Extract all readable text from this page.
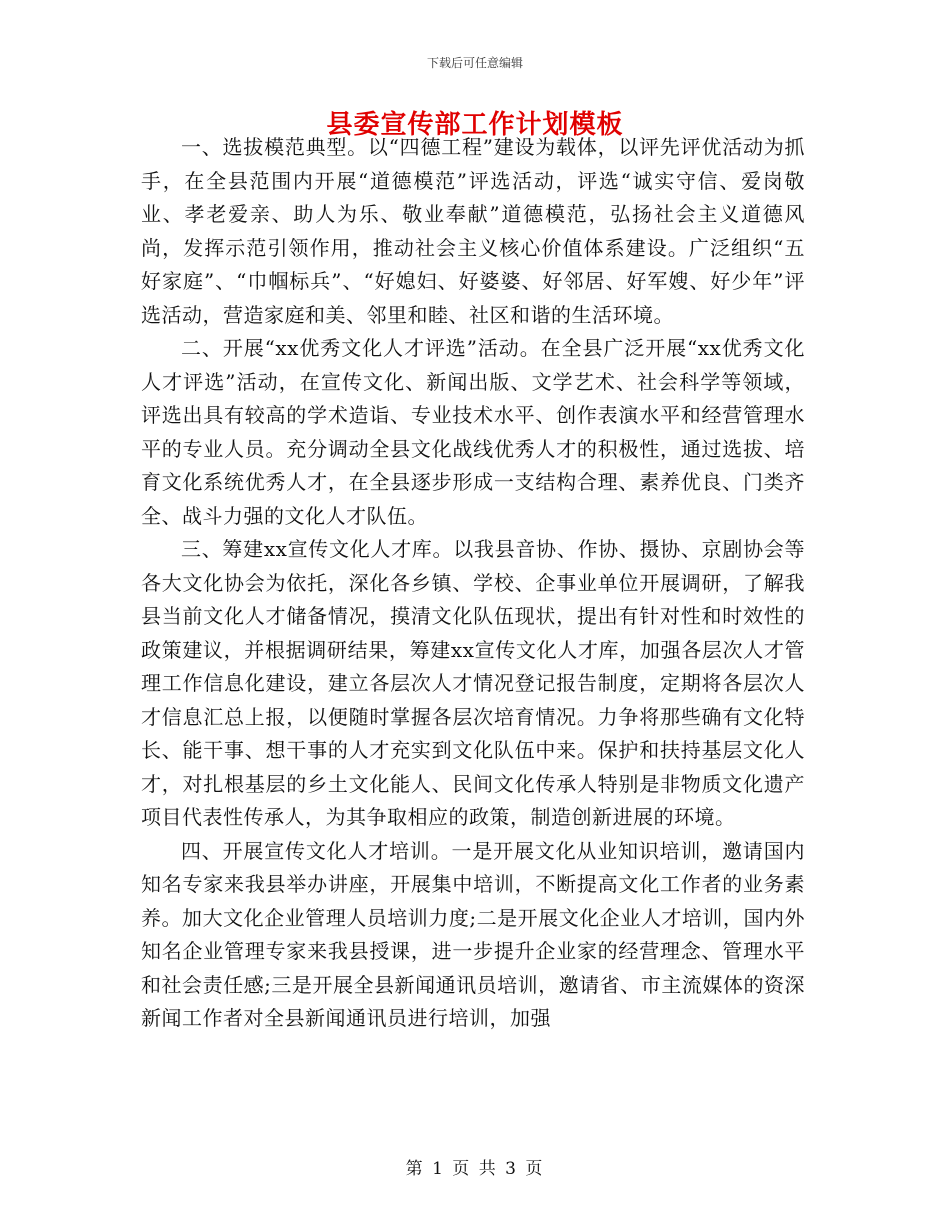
下载后可任意编辑
县委宣传部工作计划模板

一、选拔模范典型。以“四德工程”建设为载体，以评先评优活动为抓手，在全县范围内开展“道德模范”评选活动，评选“诚实守信、爱岗敬业、孝老爱亲、助人为乐、敬业奉献”道德模范，弘扬社会主义道德风尚，发挥示范引领作用，推动社会主义核心价值体系建设。广泛组织“五好家庭”、“巾帼标兵”、“好媳妇、好婆婆、好邻居、好军嫂、好少年”评选活动，营造家庭和美、邻里和睦、社区和谐的生活环境。

二、开展“xx优秀文化人才评选”活动。在全县广泛开展“xx优秀文化人才评选”活动，在宣传文化、新闻出版、文学艺术、社会科学等领域，评选出具有较高的学术造诣、专业技术水平、创作表演水平和经营管理水平的专业人员。充分调动全县文化战线优秀人才的积极性，通过选拔、培育文化系统优秀人才，在全县逐步形成一支结构合理、素养优良、门类齐全、战斗力强的文化人才队伍。

三、筹建xx宣传文化人才库。以我县音协、作协、摄协、京剧协会等各大文化协会为依托，深化各乡镇、学校、企事业单位开展调研，了解我县当前文化人才储备情况，摸清文化队伍现状，提出有针对性和时效性的政策建议，并根据调研结果，筹建xx宣传文化人才库，加强各层次人才管理工作信息化建设，建立各层次人才情况登记报告制度，定期将各层次人才信息汇总上报，以便随时掌握各层次培育情况。力争将那些确有文化特长、能干事、想干事的人才充实到文化队伍中来。保护和扶持基层文化人才，对扎根基层的乡土文化能人、民间文化传承人特别是非物质文化遗产项目代表性传承人，为其争取相应的政策，制造创新进展的环境。

四、开展宣传文化人才培训。一是开展文化从业知识培训，邀请国内知名专家来我县举办讲座，开展集中培训，不断提高文化工作者的业务素养。加大文化企业管理人员培训力度;二是开展文化企业人才培训，国内外知名企业管理专家来我县授课，进一步提升企业家的经营理念、管理水平和社会责任感;三是开展全县新闻通讯员培训，邀请省、市主流媒体的资深新闻工作者对全县新闻通讯员进行培训，加强

第 1 页 共 3 页
